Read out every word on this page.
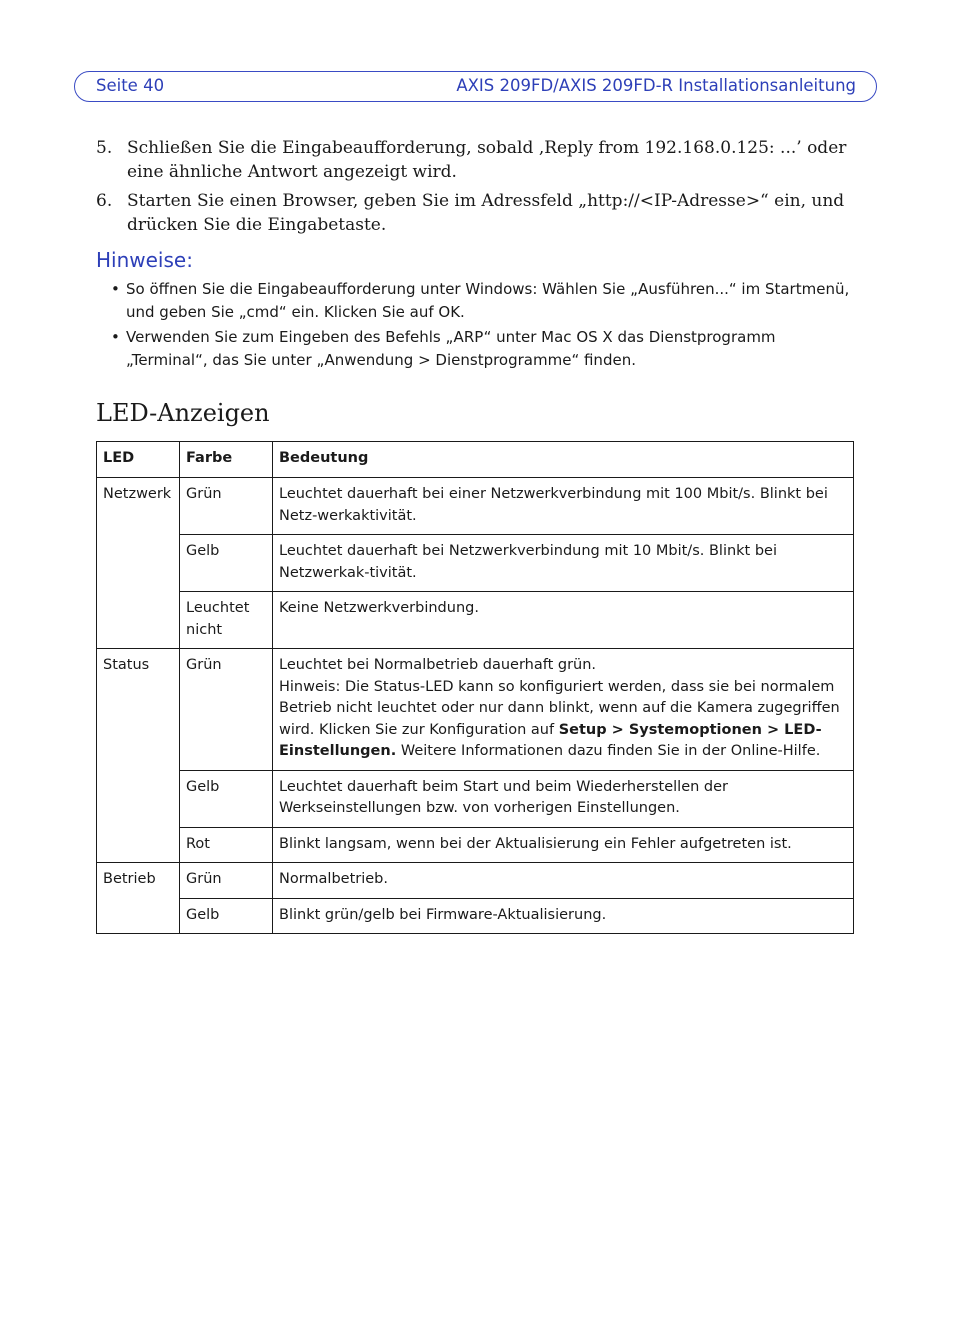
Seite 40	AXIS 209FD/AXIS 209FD-R Installationsanleitung
5. Schließen Sie die Eingabeaufforderung, sobald ‚Reply from 192.168.0.125: ...’ oder eine ähnliche Antwort angezeigt wird.
6. Starten Sie einen Browser, geben Sie im Adressfeld „http://<IP-Adresse>“ ein, und drücken Sie die Eingabetaste.
Hinweise:
• So öffnen Sie die Eingabeaufforderung unter Windows: Wählen Sie „Ausführen...“ im Startmenü, und geben Sie „cmd“ ein. Klicken Sie auf OK.
• Verwenden Sie zum Eingeben des Befehls „ARP“ unter Mac OS X das Dienstprogramm „Terminal“, das Sie unter „Anwendung > Dienstprogramme“ finden.
LED-Anzeigen
LED	Farbe	Bedeutung
Netzwerk	Grün	Leuchtet dauerhaft bei einer Netzwerkverbindung mit 100 Mbit/s. Blinkt bei Netz-werkaktivität.
	Gelb	Leuchtet dauerhaft bei Netzwerkverbindung mit 10 Mbit/s. Blinkt bei Netzwerkak-tivität.
	Leuchtet nicht	Keine Netzwerkverbindung.
Status	Grün	Leuchtet bei Normalbetrieb dauerhaft grün.
Hinweis: Die Status-LED kann so konfiguriert werden, dass sie bei normalem Betrieb nicht leuchtet oder nur dann blinkt, wenn auf die Kamera zugegriffen wird. Klicken Sie zur Konfiguration auf Setup > Systemoptionen > LED-Einstellungen. Weitere Informationen dazu finden Sie in der Online-Hilfe.
	Gelb	Leuchtet dauerhaft beim Start und beim Wiederherstellen der Werkseinstellungen bzw. von vorherigen Einstellungen.
	Rot	Blinkt langsam, wenn bei der Aktualisierung ein Fehler aufgetreten ist.
Betrieb	Grün	Normalbetrieb.
	Gelb	Blinkt grün/gelb bei Firmware-Aktualisierung.
